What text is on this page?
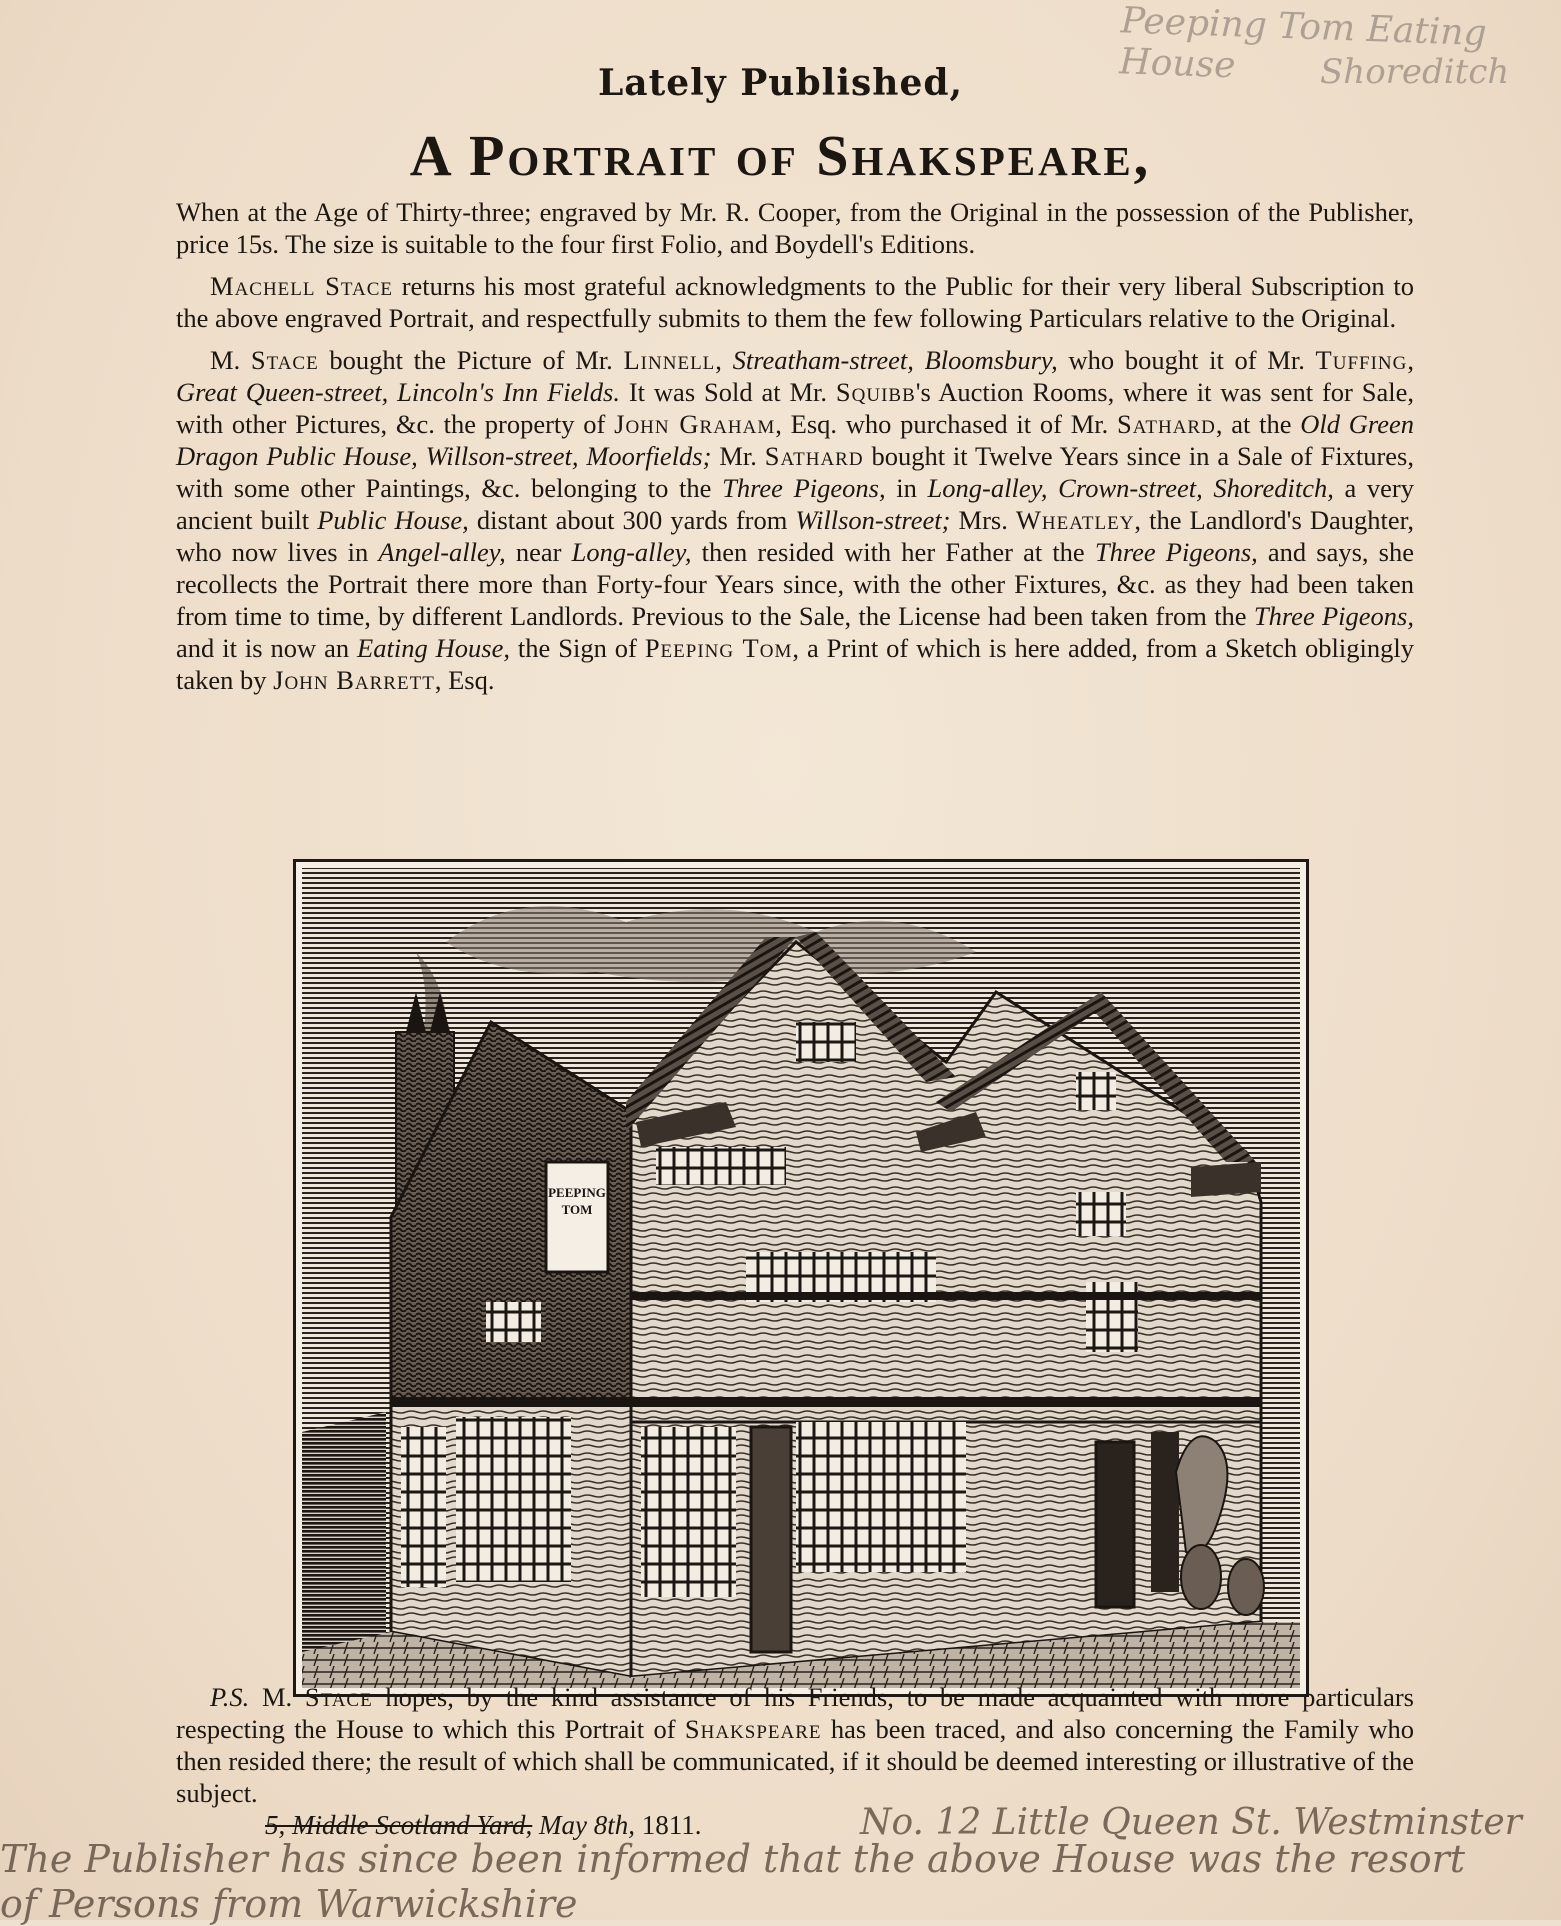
Peeping Tom Eating House	Shoreditch
Lately Published,
A Portrait of Shakspeare,

When at the Age of Thirty-three; engraved by Mr. R. Cooper, from the Original in the possession of the Publisher, price 15s. The size is suitable to the four first Folio, and Boydell's Editions.

Machell Stace returns his most grateful acknowledgments to the Public for their very liberal Subscription to the above engraved Portrait, and respectfully submits to them the few following Particulars relative to the Original.

M. Stace bought the Picture of Mr. Linnell, Streatham-street, Bloomsbury, who bought it of Mr. Tuffing, Great Queen-street, Lincoln's Inn Fields. It was Sold at Mr. Squibb's Auction Rooms, where it was sent for Sale, with other Pictures, &c. the property of John Graham, Esq. who purchased it of Mr. Sathard, at the Old Green Dragon Public House, Willson-street, Moorfields; Mr. Sathard bought it Twelve Years since in a Sale of Fixtures, with some other Paintings, &c. belonging to the Three Pigeons, in Long-alley, Crown-street, Shoreditch, a very ancient built Public House, distant about 300 yards from Willson-street; Mrs. Wheatley, the Landlord's Daughter, who now lives in Angel-alley, near Long-alley, then resided with her Father at the Three Pigeons, and says, she recollects the Portrait there more than Forty-four Years since, with the other Fixtures, &c. as they had been taken from time to time, by different Landlords. Previous to the Sale, the License had been taken from the Three Pigeons, and it is now an Eating House, the Sign of Peeping Tom, a Print of which is here added, from a Sketch obligingly taken by John Barrett, Esq.

PEEPING
TOM

P.S. M. Stace hopes, by the kind assistance of his Friends, to be made acquainted with more particulars respecting the House to which this Portrait of Shakspeare has been traced, and also concerning the Family who then resided there; the result of which shall be communicated, if it should be deemed interesting or illustrative of the subject.

5, Middle Scotland Yard, May 8th, 1811.	No. 12 Little Queen St. Westminster
The Publisher has since been informed that the above House was the resort
of Persons from Warwickshire
